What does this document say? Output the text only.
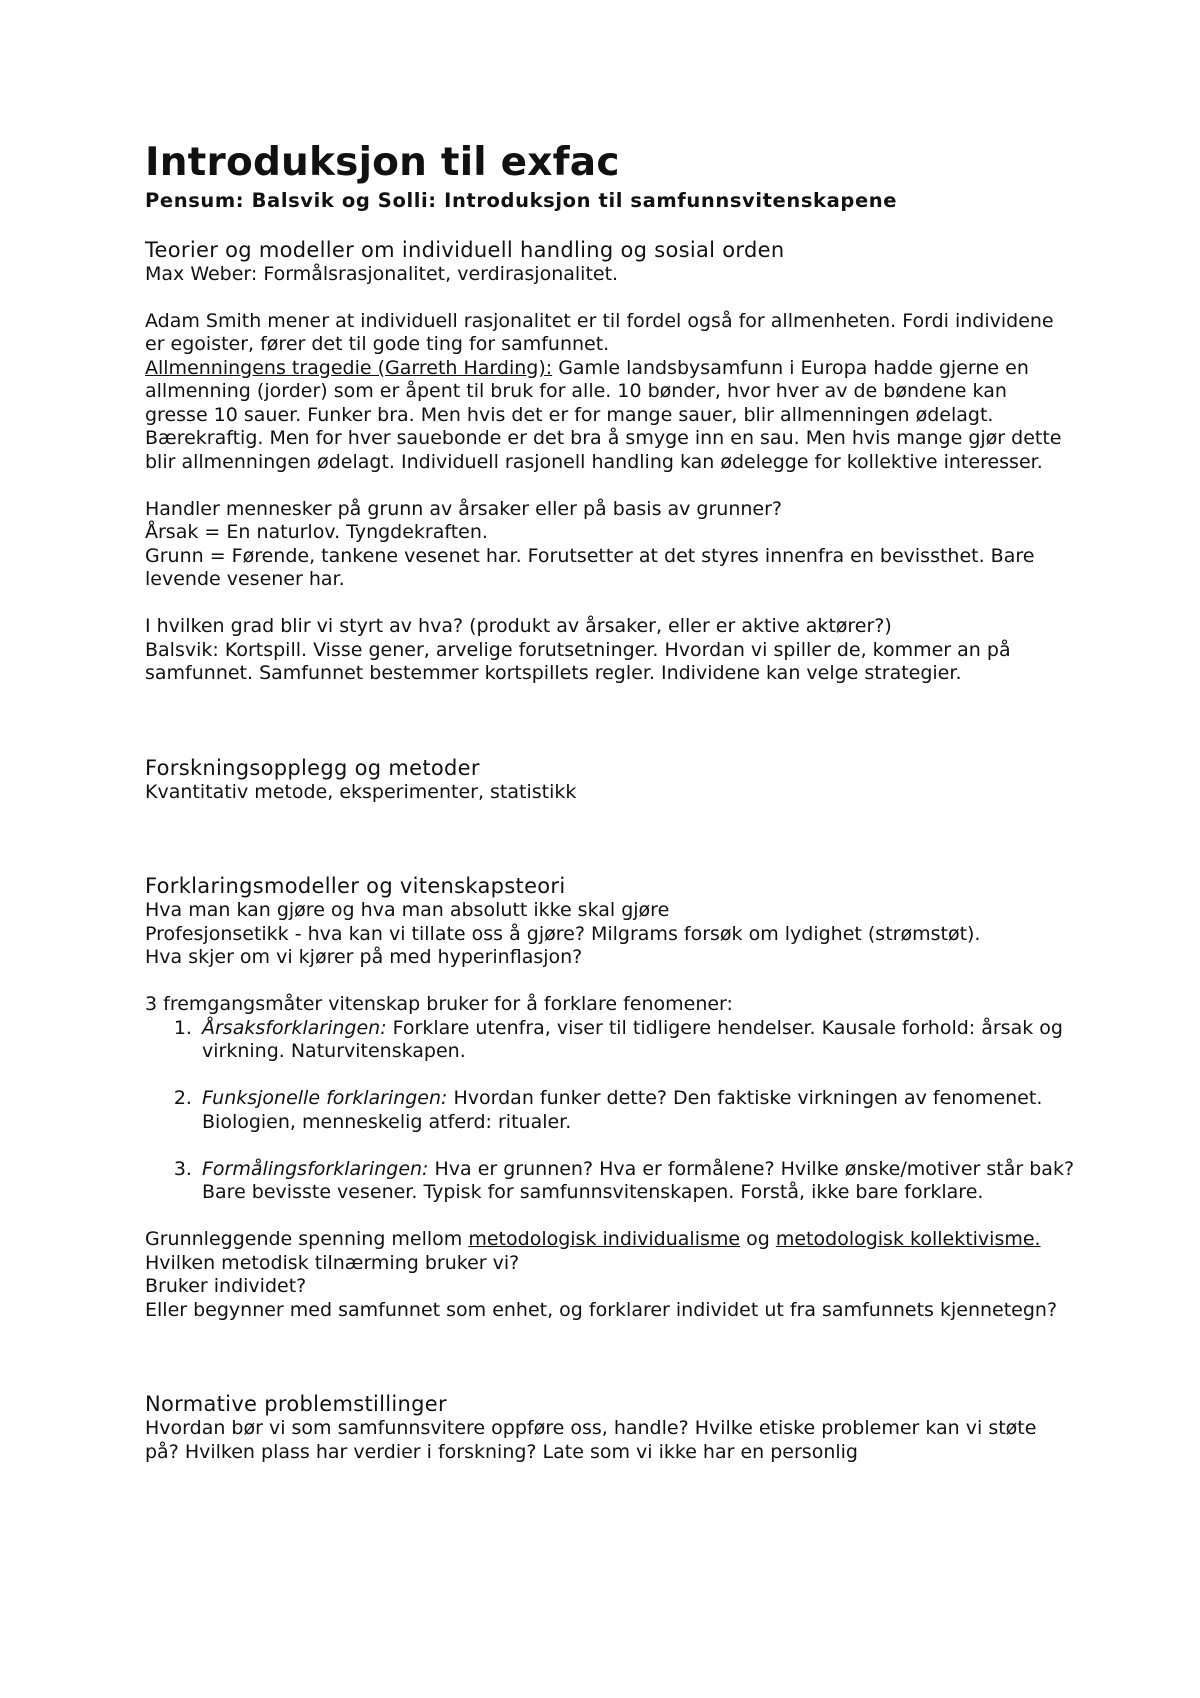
Introduksjon til exfac
Pensum: Balsvik og Solli: Introduksjon til samfunnsvitenskapene
Teorier og modeller om individuell handling og sosial orden

Max Weber: Formålsrasjonalitet, verdirasjonalitet.

Adam Smith mener at individuell rasjonalitet er til fordel også for allmenheten. Fordi individene er egoister, fører det til gode ting for samfunnet.

Allmenningens tragedie (Garreth Harding): Gamle landsbysamfunn i Europa hadde gjerne en allmenning (jorder) som er åpent til bruk for alle. 10 bønder, hvor hver av de bøndene kan gresse 10 sauer. Funker bra. Men hvis det er for mange sauer, blir allmenningen ødelagt. Bærekraftig. Men for hver sauebonde er det bra å smyge inn en sau. Men hvis mange gjør dette blir allmenningen ødelagt. Individuell rasjonell handling kan ødelegge for kollektive interesser.

Handler mennesker på grunn av årsaker eller på basis av grunner?

Årsak = En naturlov. Tyngdekraften.

Grunn = Førende, tankene vesenet har. Forutsetter at det styres innenfra en bevissthet. Bare levende vesener har.

I hvilken grad blir vi styrt av hva? (produkt av årsaker, eller er aktive aktører?)

Balsvik: Kortspill. Visse gener, arvelige forutsetninger. Hvordan vi spiller de, kommer an på samfunnet. Samfunnet bestemmer kortspillets regler. Individene kan velge strategier.

Forskningsopplegg og metoder

Kvantitativ metode, eksperimenter, statistikk

Forklaringsmodeller og vitenskapsteori

Hva man kan gjøre og hva man absolutt ikke skal gjøre

Profesjonsetikk - hva kan vi tillate oss å gjøre? Milgrams forsøk om lydighet (strømstøt).

Hva skjer om vi kjører på med hyperinflasjon?

3 fremgangsmåter vitenskap bruker for å forklare fenomener:

1. Årsaksforklaringen: Forklare utenfra, viser til tidligere hendelser. Kausale forhold: årsak og virkning. Naturvitenskapen.
2. Funksjonelle forklaringen: Hvordan funker dette? Den faktiske virkningen av fenomenet. Biologien, menneskelig atferd: ritualer.
3. Formålingsforklaringen: Hva er grunnen? Hva er formålene? Hvilke ønske/motiver står bak? Bare bevisste vesener. Typisk for samfunnsvitenskapen. Forstå, ikke bare forklare.

Grunnleggende spenning mellom metodologisk individualisme og metodologisk kollektivisme. Hvilken metodisk tilnærming bruker vi?

Bruker individet?

Eller begynner med samfunnet som enhet, og forklarer individet ut fra samfunnets kjennetegn?

Normative problemstillinger

Hvordan bør vi som samfunnsvitere oppføre oss, handle? Hvilke etiske problemer kan vi støte på? Hvilken plass har verdier i forskning? Late som vi ikke har en personlig
